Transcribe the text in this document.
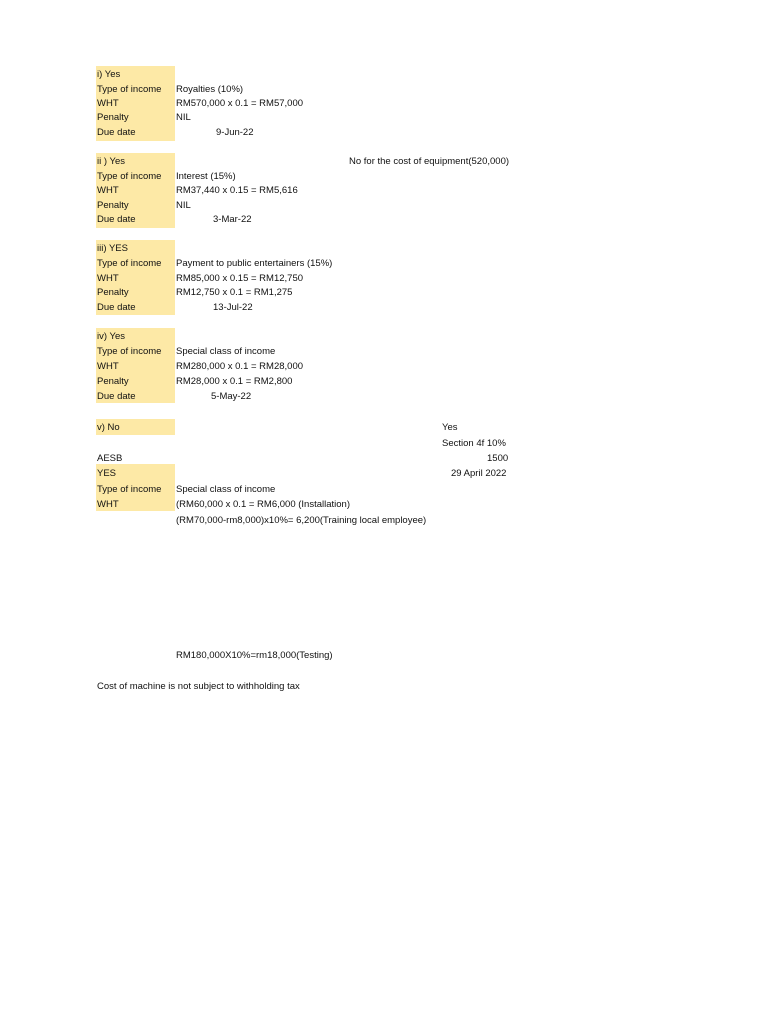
i) Yes
Type of income Royalties (10%)
WHT	RM570,000 x 0.1 = RM57,000
Penalty	NIL
Due date	9-Jun-22
ii ) Yes	No for the cost of equipment(520,000)
Type of income Interest (15%)
WHT	RM37,440 x 0.15 = RM5,616
Penalty	NIL
Due date	3-Mar-22
iii) YES
Type of income Payment to public entertainers (15%)
WHT	RM85,000 x 0.15 = RM12,750
Penalty	RM12,750 x 0.1 = RM1,275
Due date	13-Jul-22
iv) Yes
Type of income Special class of income
WHT	RM280,000 x 0.1 = RM28,000
Penalty	RM28,000 x 0.1 = RM2,800
Due date	5-May-22
v) No	Yes
Section 4f 10%
AESB	1500
YES	29 April 2022
Type of income Special class of income
WHT	(RM60,000 x 0.1 = RM6,000 (Installation)
(RM70,000-rm8,000)x10%= 6,200(Training local employee)
RM180,000X10%=rm18,000(Testing)
Cost of machine is not subject to withholding tax
